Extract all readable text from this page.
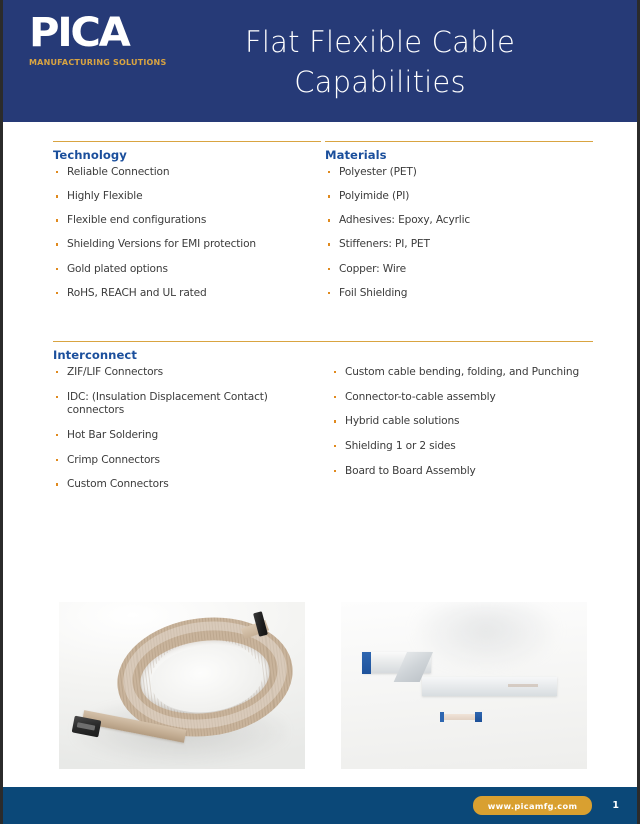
PICA
MANUFACTURING SOLUTIONS
Flat Flexible Cable Capabilities
Technology
Reliable Connection
Highly Flexible
Flexible end configurations
Shielding Versions for EMI protection
Gold plated options
RoHS, REACH and UL rated
Materials
Polyester (PET)
Polyimide (PI)
Adhesives: Epoxy, Acyrlic
Stiffeners: PI, PET
Copper: Wire
Foil Shielding
Interconnect
ZIF/LIF Connectors
IDC: (Insulation Displacement Contact) connectors
Hot Bar Soldering
Crimp Connectors
Custom Connectors
Custom cable bending, folding, and Punching
Connector-to-cable assembly
Hybrid cable solutions
Shielding 1 or 2 sides
Board to Board Assembly
www.picamfg.com	1
